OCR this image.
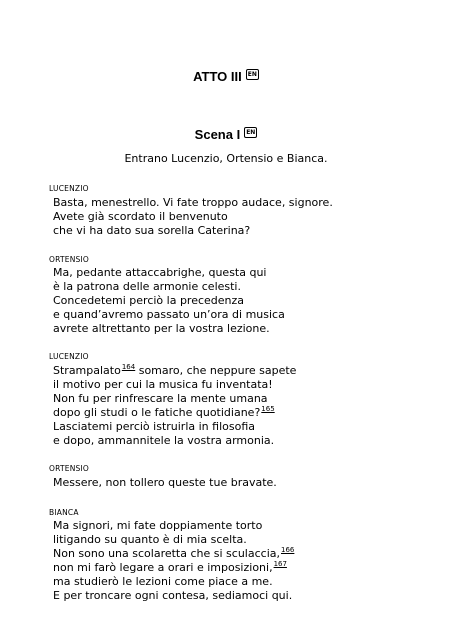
ATTO III EN
Scena I EN
Entrano Lucenzio, Ortensio e Bianca.
LUCENZIO
Basta, menestrello. Vi fate troppo audace, signore.
Avete già scordato il benvenuto
che vi ha dato sua sorella Caterina?
ORTENSIO
Ma, pedante attaccabrighe, questa qui
è la patrona delle armonie celesti.
Concedetemi perciò la precedenza
e quand’avremo passato un’ora di musica
avrete altrettanto per la vostra lezione.
LUCENZIO
Strampalato$^{164}$ somaro, che neppure sapete
il motivo per cui la musica fu inventata!
Non fu per rinfrescare la mente umana
dopo gli studi o le fatiche quotidiane?$^{165}$
Lasciatemi perciò istruirla in filosofia
e dopo, ammannitele la vostra armonia.
ORTENSIO
Messere, non tollero queste tue bravate.
BIANCA
Ma signori, mi fate doppiamente torto
litigando su quanto è di mia scelta.
Non sono una scolaretta che si sculaccia,$^{166}$
non mi farò legare a orari e imposizioni,$^{167}$
ma studierò le lezioni come piace a me.
E per troncare ogni contesa, sediamoci qui.
